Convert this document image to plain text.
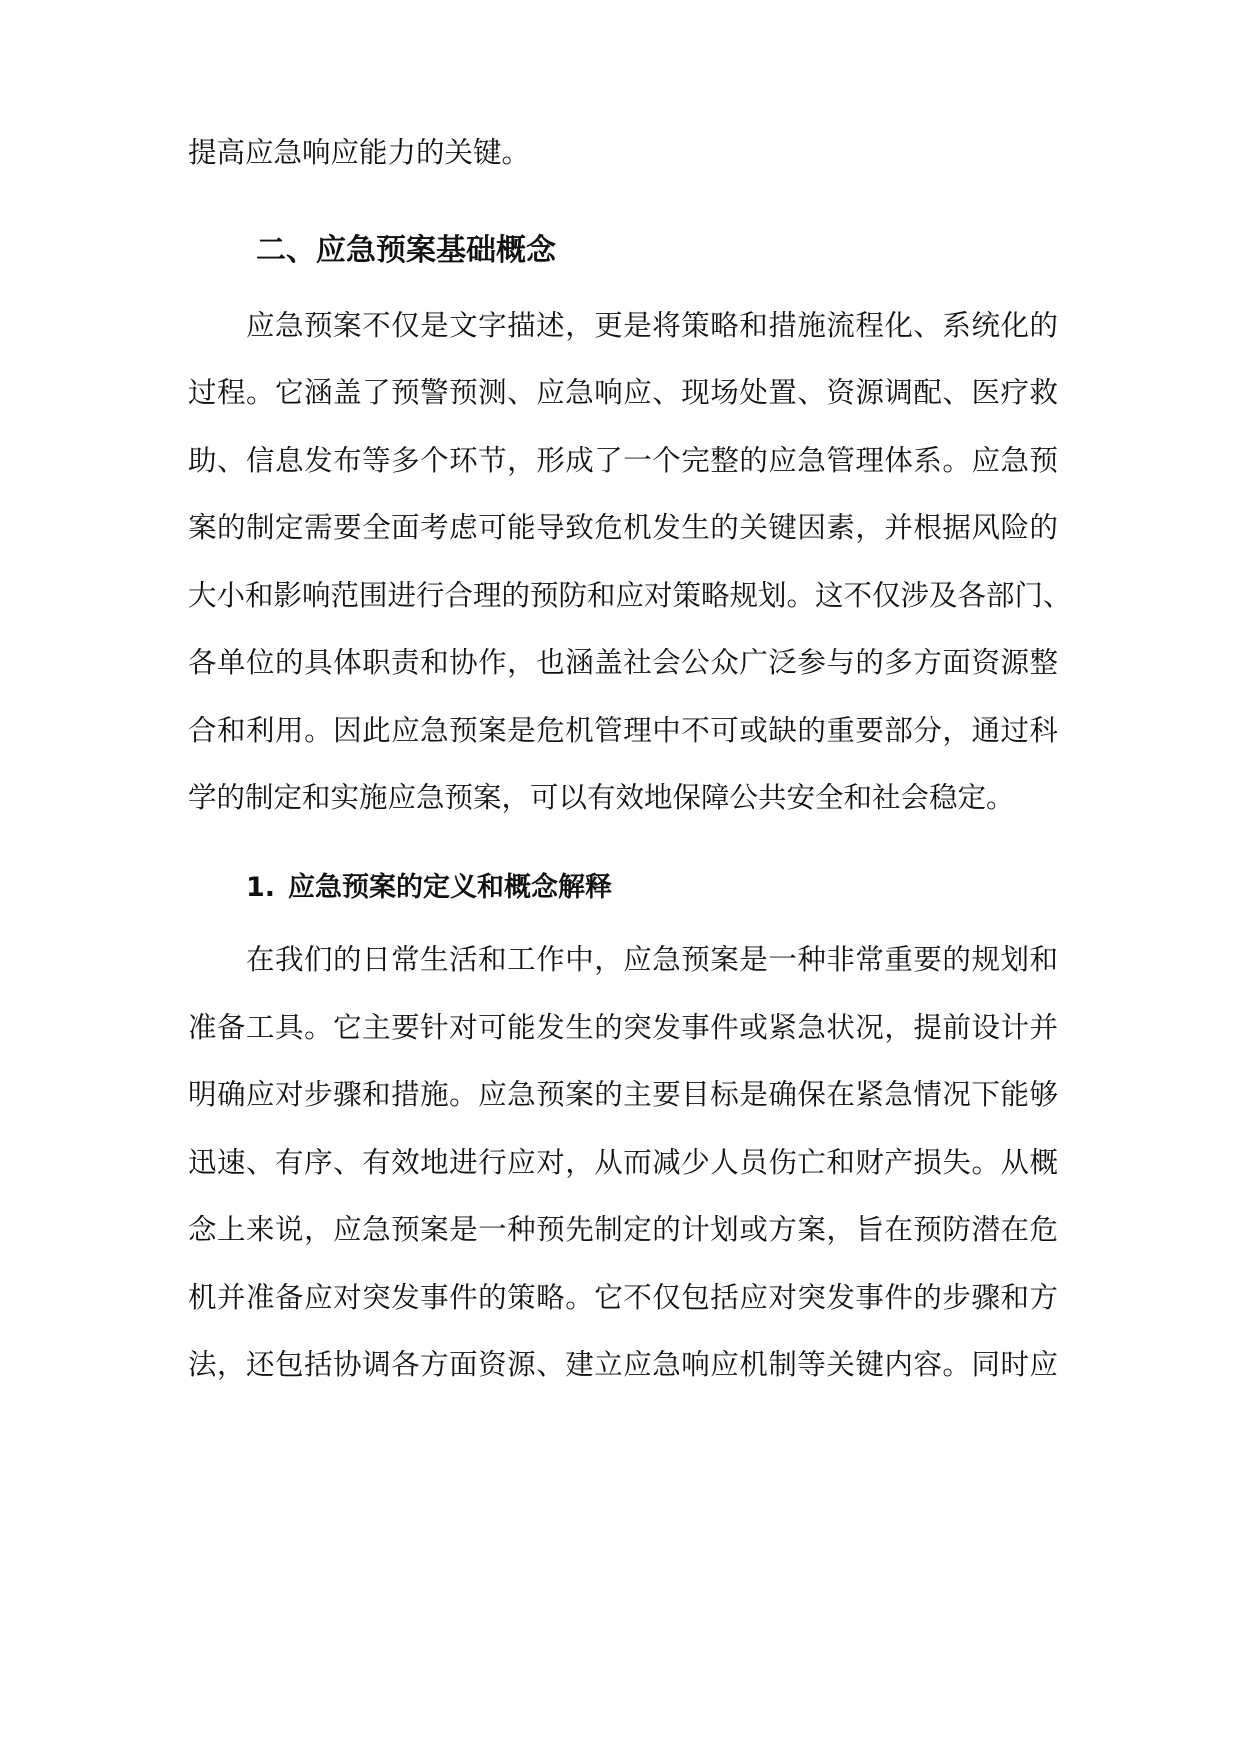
提高应急响应能力的关键。
二、应急预案基础概念
应急预案不仅是文字描述，更是将策略和措施流程化、系统化的
过程。它涵盖了预警预测、应急响应、现场处置、资源调配、医疗救
助、信息发布等多个环节，形成了一个完整的应急管理体系。应急预
案的制定需要全面考虑可能导致危机发生的关键因素，并根据风险的
大小和影响范围进行合理的预防和应对策略规划。这不仅涉及各部门、
各单位的具体职责和协作，也涵盖社会公众广泛参与的多方面资源整
合和利用。因此应急预案是危机管理中不可或缺的重要部分，通过科
学的制定和实施应急预案，可以有效地保障公共安全和社会稳定。
1. 应急预案的定义和概念解释
在我们的日常生活和工作中，应急预案是一种非常重要的规划和
准备工具。它主要针对可能发生的突发事件或紧急状况，提前设计并
明确应对步骤和措施。应急预案的主要目标是确保在紧急情况下能够
迅速、有序、有效地进行应对，从而减少人员伤亡和财产损失。从概
念上来说，应急预案是一种预先制定的计划或方案，旨在预防潜在危
机并准备应对突发事件的策略。它不仅包括应对突发事件的步骤和方
法，还包括协调各方面资源、建立应急响应机制等关键内容。同时应
